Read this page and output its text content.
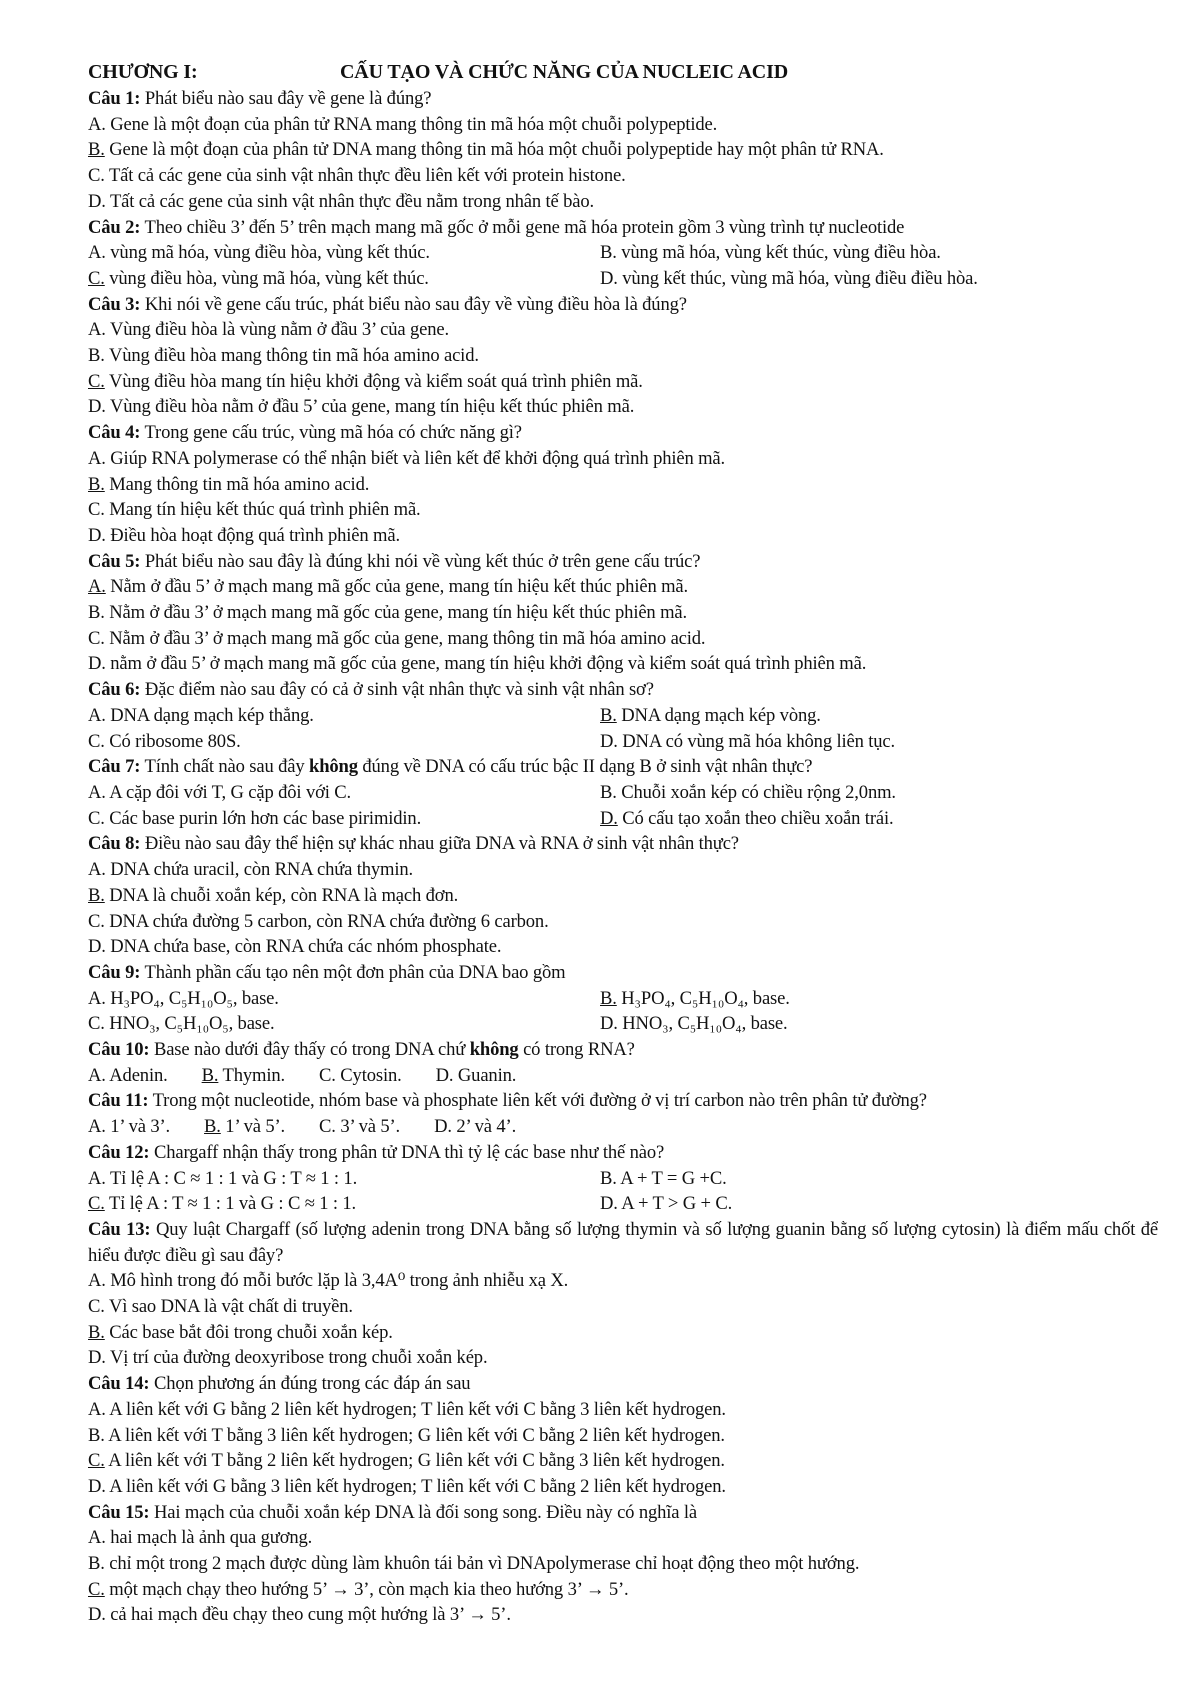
CHƯƠNG I:	CẤU TẠO VÀ CHỨC NĂNG CỦA NUCLEIC ACID
Câu 1: Phát biểu nào sau đây về gene là đúng?
A. Gene là một đoạn của phân tử RNA mang thông tin mã hóa một chuỗi polypeptide.
B. Gene là một đoạn của phân tử DNA mang thông tin mã hóa một chuỗi polypeptide hay một phân tử RNA.
C. Tất cả các gene của sinh vật nhân thực đều liên kết với protein histone.
D. Tất cả các gene của sinh vật nhân thực đều nằm trong nhân tế bào.
Câu 2: Theo chiều 3’ đến 5’ trên mạch mang mã gốc ở mỗi gene mã hóa protein gồm 3 vùng trình tự nucleotide
A. vùng mã hóa, vùng điều hòa, vùng kết thúc.	B. vùng mã hóa, vùng kết thúc, vùng điều hòa.
C. vùng điều hòa, vùng mã hóa, vùng kết thúc.	D. vùng kết thúc, vùng mã hóa, vùng điều điều hòa.
Câu 3: Khi nói về gene cấu trúc, phát biểu nào sau đây về vùng điều hòa là đúng?
A. Vùng điều hòa là vùng nằm ở đầu 3’ của gene.
B. Vùng điều hòa mang thông tin mã hóa amino acid.
C. Vùng điều hòa mang tín hiệu khởi động và kiểm soát quá trình phiên mã.
D. Vùng điều hòa nằm ở đầu 5’ của gene, mang tín hiệu kết thúc phiên mã.
Câu 4: Trong gene cấu trúc, vùng mã hóa có chức năng gì?
A. Giúp RNA polymerase có thể nhận biết và liên kết để khởi động quá trình phiên mã.
B. Mang thông tin mã hóa amino acid.
C. Mang tín hiệu kết thúc quá trình phiên mã.
D. Điều hòa hoạt động quá trình phiên mã.
Câu 5: Phát biểu nào sau đây là đúng khi nói về vùng kết thúc ở trên gene cấu trúc?
A. Nằm ở đầu 5’ ở mạch mang mã gốc của gene, mang tín hiệu kết thúc phiên mã.
B. Nằm ở đầu 3’ ở mạch mang mã gốc của gene, mang tín hiệu kết thúc phiên mã.
C. Nằm ở đầu 3’ ở mạch mang mã gốc của gene, mang thông tin mã hóa amino acid.
D. nằm ở đầu 5’ ở mạch mang mã gốc của gene, mang tín hiệu khởi động và kiểm soát quá trình phiên mã.
Câu 6: Đặc điểm nào sau đây có cả ở sinh vật nhân thực và sinh vật nhân sơ?
A. DNA dạng mạch kép thẳng.	B. DNA dạng mạch kép vòng.
C. Có ribosome 80S.	D. DNA có vùng mã hóa không liên tục.
Câu 7: Tính chất nào sau đây không đúng về DNA có cấu trúc bậc II dạng B ở sinh vật nhân thực?
A. A cặp đôi với T, G cặp đôi với C.	B. Chuỗi xoắn kép có chiều rộng 2,0nm.
C. Các base purin lớn hơn các base pirimidin.	D. Có cấu tạo xoắn theo chiều xoắn trái.
Câu 8: Điều nào sau đây thể hiện sự khác nhau giữa DNA và RNA ở sinh vật nhân thực?
A. DNA chứa uracil, còn RNA chứa thymin.
B. DNA là chuỗi xoắn kép, còn RNA là mạch đơn.
C. DNA chứa đường 5 carbon, còn RNA chứa đường 6 carbon.
D. DNA chứa base, còn RNA chứa các nhóm phosphate.
Câu 9: Thành phần cấu tạo nên một đơn phân của DNA bao gồm
A. H₃PO₄, C₅H₁₀O₅, base.	B. H₃PO₄, C₅H₁₀O₄, base.
C. HNO₃, C₅H₁₀O₅, base.	D. HNO₃, C₅H₁₀O₄, base.
Câu 10: Base nào dưới đây thấy có trong DNA chứ không có trong RNA?
A. Adenin. B. Thymin. C. Cytosin. D. Guanin.
Câu 11: Trong một nucleotide, nhóm base và phosphate liên kết với đường ở vị trí carbon nào trên phân tử đường?
A. 1’ và 3’. B. 1’ và 5’. C. 3’ và 5’. D. 2’ và 4’.
Câu 12: Chargaff nhận thấy trong phân tử DNA thì tỷ lệ các base như thế nào?
A. Tỉ lệ A : C ≈ 1 : 1 và G : T ≈ 1 : 1.	B. A + T = G +C.
C. Tỉ lệ A : T ≈ 1 : 1 và G : C ≈ 1 : 1.	D. A + T > G + C.
Câu 13: Quy luật Chargaff (số lượng adenin trong DNA bằng số lượng thymin và số lượng guanin bằng số lượng cytosin) là điểm mấu chốt để hiểu được điều gì sau đây?
A. Mô hình trong đó mỗi bước lặp là 3,4A⁰ trong ảnh nhiễu xạ X.
C. Vì sao DNA là vật chất di truyền.
B. Các base bắt đôi trong chuỗi xoắn kép.
D. Vị trí của đường deoxyribose trong chuỗi xoắn kép.
Câu 14: Chọn phương án đúng trong các đáp án sau
A. A liên kết với G bằng 2 liên kết hydrogen; T liên kết với C bằng 3 liên kết hydrogen.
B. A liên kết với T bằng 3 liên kết hydrogen; G liên kết với C bằng 2 liên kết hydrogen.
C. A liên kết với T bằng 2 liên kết hydrogen; G liên kết với C bằng 3 liên kết hydrogen.
D. A liên kết với G bằng 3 liên kết hydrogen; T liên kết với C bằng 2 liên kết hydrogen.
Câu 15: Hai mạch của chuỗi xoắn kép DNA là đối song song. Điều này có nghĩa là
A. hai mạch là ảnh qua gương.
B. chỉ một trong 2 mạch được dùng làm khuôn tái bản vì DNApolymerase chỉ hoạt động theo một hướng.
C. một mạch chạy theo hướng 5’ → 3’, còn mạch kia theo hướng 3’ → 5’.
D. cả hai mạch đều chạy theo cung một hướng là 3’ → 5’.
